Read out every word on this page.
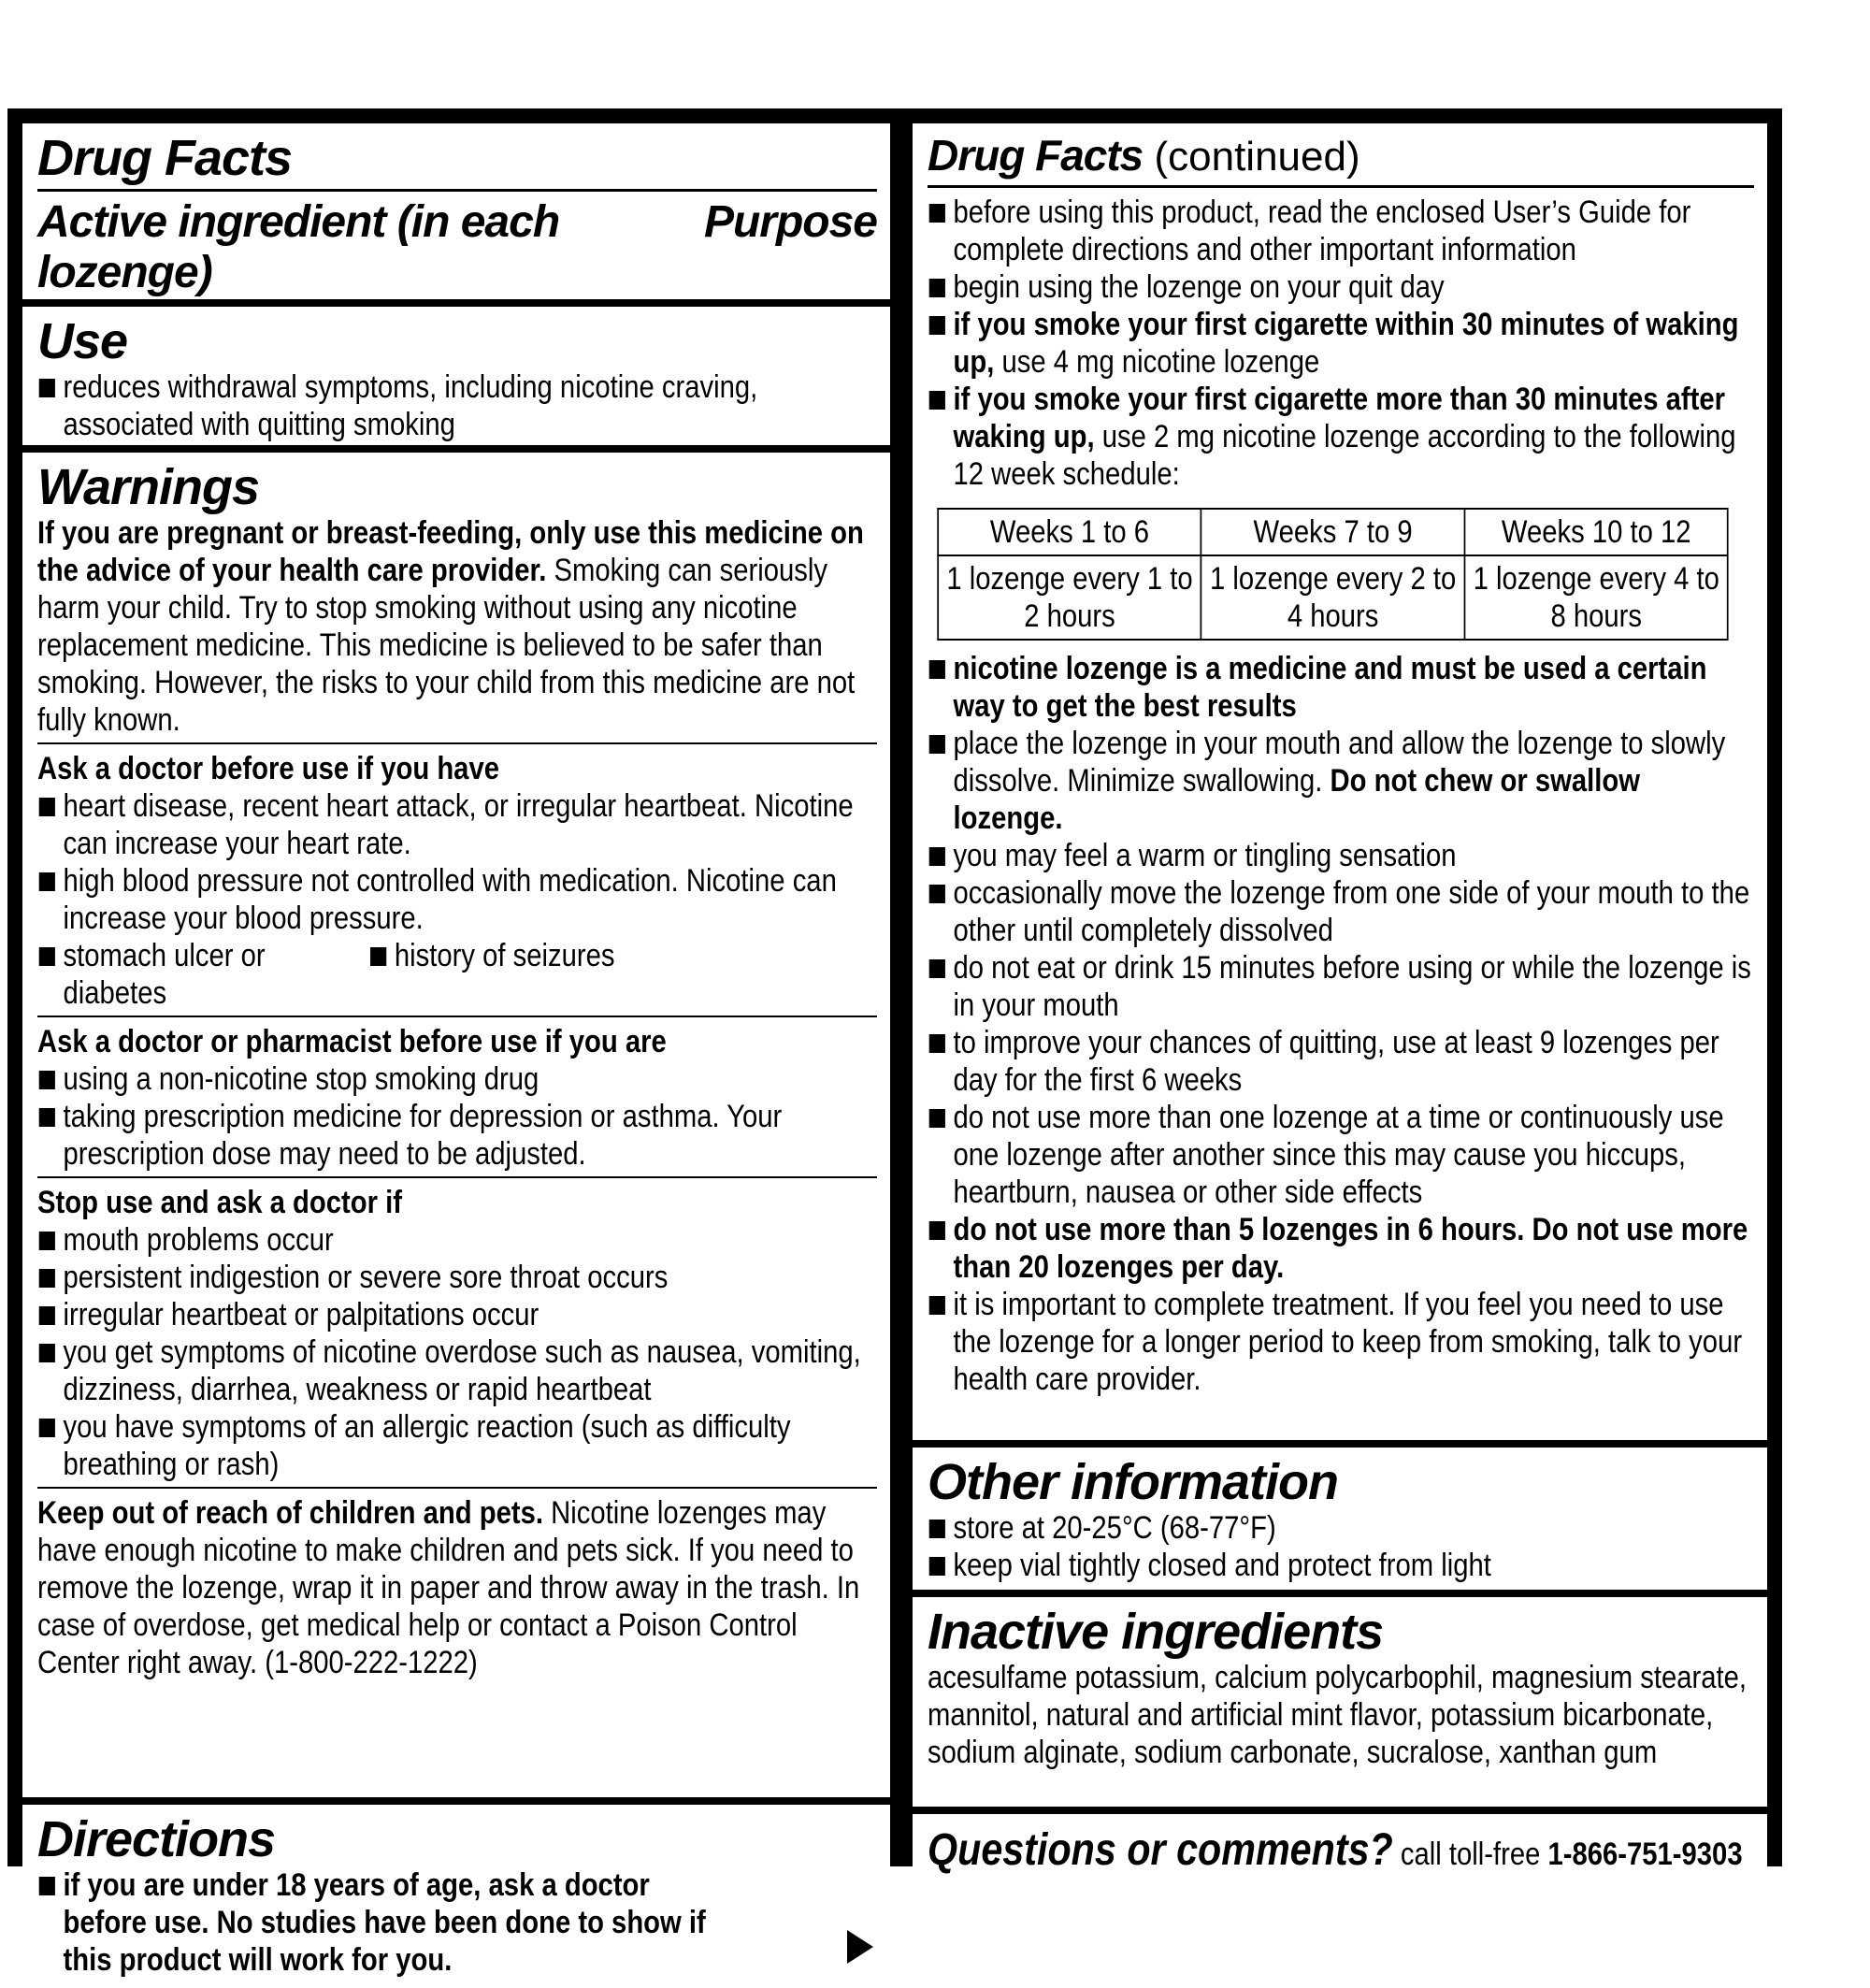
Drug Facts
Active ingredient (in each lozenge)
Purpose
.....
Use
reduces withdrawal symptoms, including nicotine craving, associated with quitting smoking
Warnings
If you are pregnant or breast-feeding, only use this medicine on the advice of your health care provider. Smoking can seriously harm your child. Try to stop smoking without using any nicotine replacement medicine. This medicine is believed to be safer than smoking. However, the risks to your child from this medicine are not fully known.
Ask a doctor before use if you have
heart disease, recent heart attack, or irregular heartbeat. Nicotine can increase your heart rate.
high blood pressure not controlled with medication. Nicotine can increase your blood pressure.
stomach ulcer or diabetes
history of seizures
Ask a doctor or pharmacist before use if you are
using a non-nicotine stop smoking drug
taking prescription medicine for depression or asthma. Your prescription dose may need to be adjusted.
Stop use and ask a doctor if
mouth problems occur
persistent indigestion or severe sore throat occurs
irregular heartbeat or palpitations occur
you get symptoms of nicotine overdose such as nausea, vomiting, dizziness, diarrhea, weakness or rapid heartbeat
you have symptoms of an allergic reaction (such as difficulty breathing or rash)
Keep out of reach of children and pets. Nicotine lozenges may have enough nicotine to make children and pets sick. If you need to remove the lozenge, wrap it in paper and throw away in the trash. In case of overdose, get medical help or contact a Poison Control Center right away. (1-800-222-1222)
Directions
if you are under 18 years of age, ask a doctor before use. No studies have been done to show if this product will work for you.
Drug Facts (continued)
before using this product, read the enclosed User’s Guide for complete directions and other important information
begin using the lozenge on your quit day
if you smoke your first cigarette within 30 minutes of waking up, use 4 mg nicotine lozenge
if you smoke your first cigarette more than 30 minutes after waking up, use 2 mg nicotine lozenge according to the following 12 week schedule:
Weeks 1 to 6	Weeks 7 to 9	Weeks 10 to 12
1 lozenge every 1 to 2 hours	1 lozenge every 2 to 4 hours	1 lozenge every 4 to 8 hours
nicotine lozenge is a medicine and must be used a certain way to get the best results
place the lozenge in your mouth and allow the lozenge to slowly dissolve. Minimize swallowing. Do not chew or swallow lozenge.
you may feel a warm or tingling sensation
occasionally move the lozenge from one side of your mouth to the other until completely dissolved
do not eat or drink 15 minutes before using or while the lozenge is in your mouth
to improve your chances of quitting, use at least 9 lozenges per day for the first 6 weeks
do not use more than one lozenge at a time or continuously use one lozenge after another since this may cause you hiccups, heartburn, nausea or other side effects
do not use more than 5 lozenges in 6 hours. Do not use more than 20 lozenges per day.
it is important to complete treatment. If you feel you need to use the lozenge for a longer period to keep from smoking, talk to your health care provider.
Other information
store at 20-25°C (68-77°F)
keep vial tightly closed and protect from light
Inactive ingredients
acesulfame potassium, calcium polycarbophil, magnesium stearate, mannitol, natural and artificial mint flavor, potassium bicarbonate, sodium alginate, sodium carbonate, sucralose, xanthan gum
Questions or comments? call toll-free 1-866-751-9303
